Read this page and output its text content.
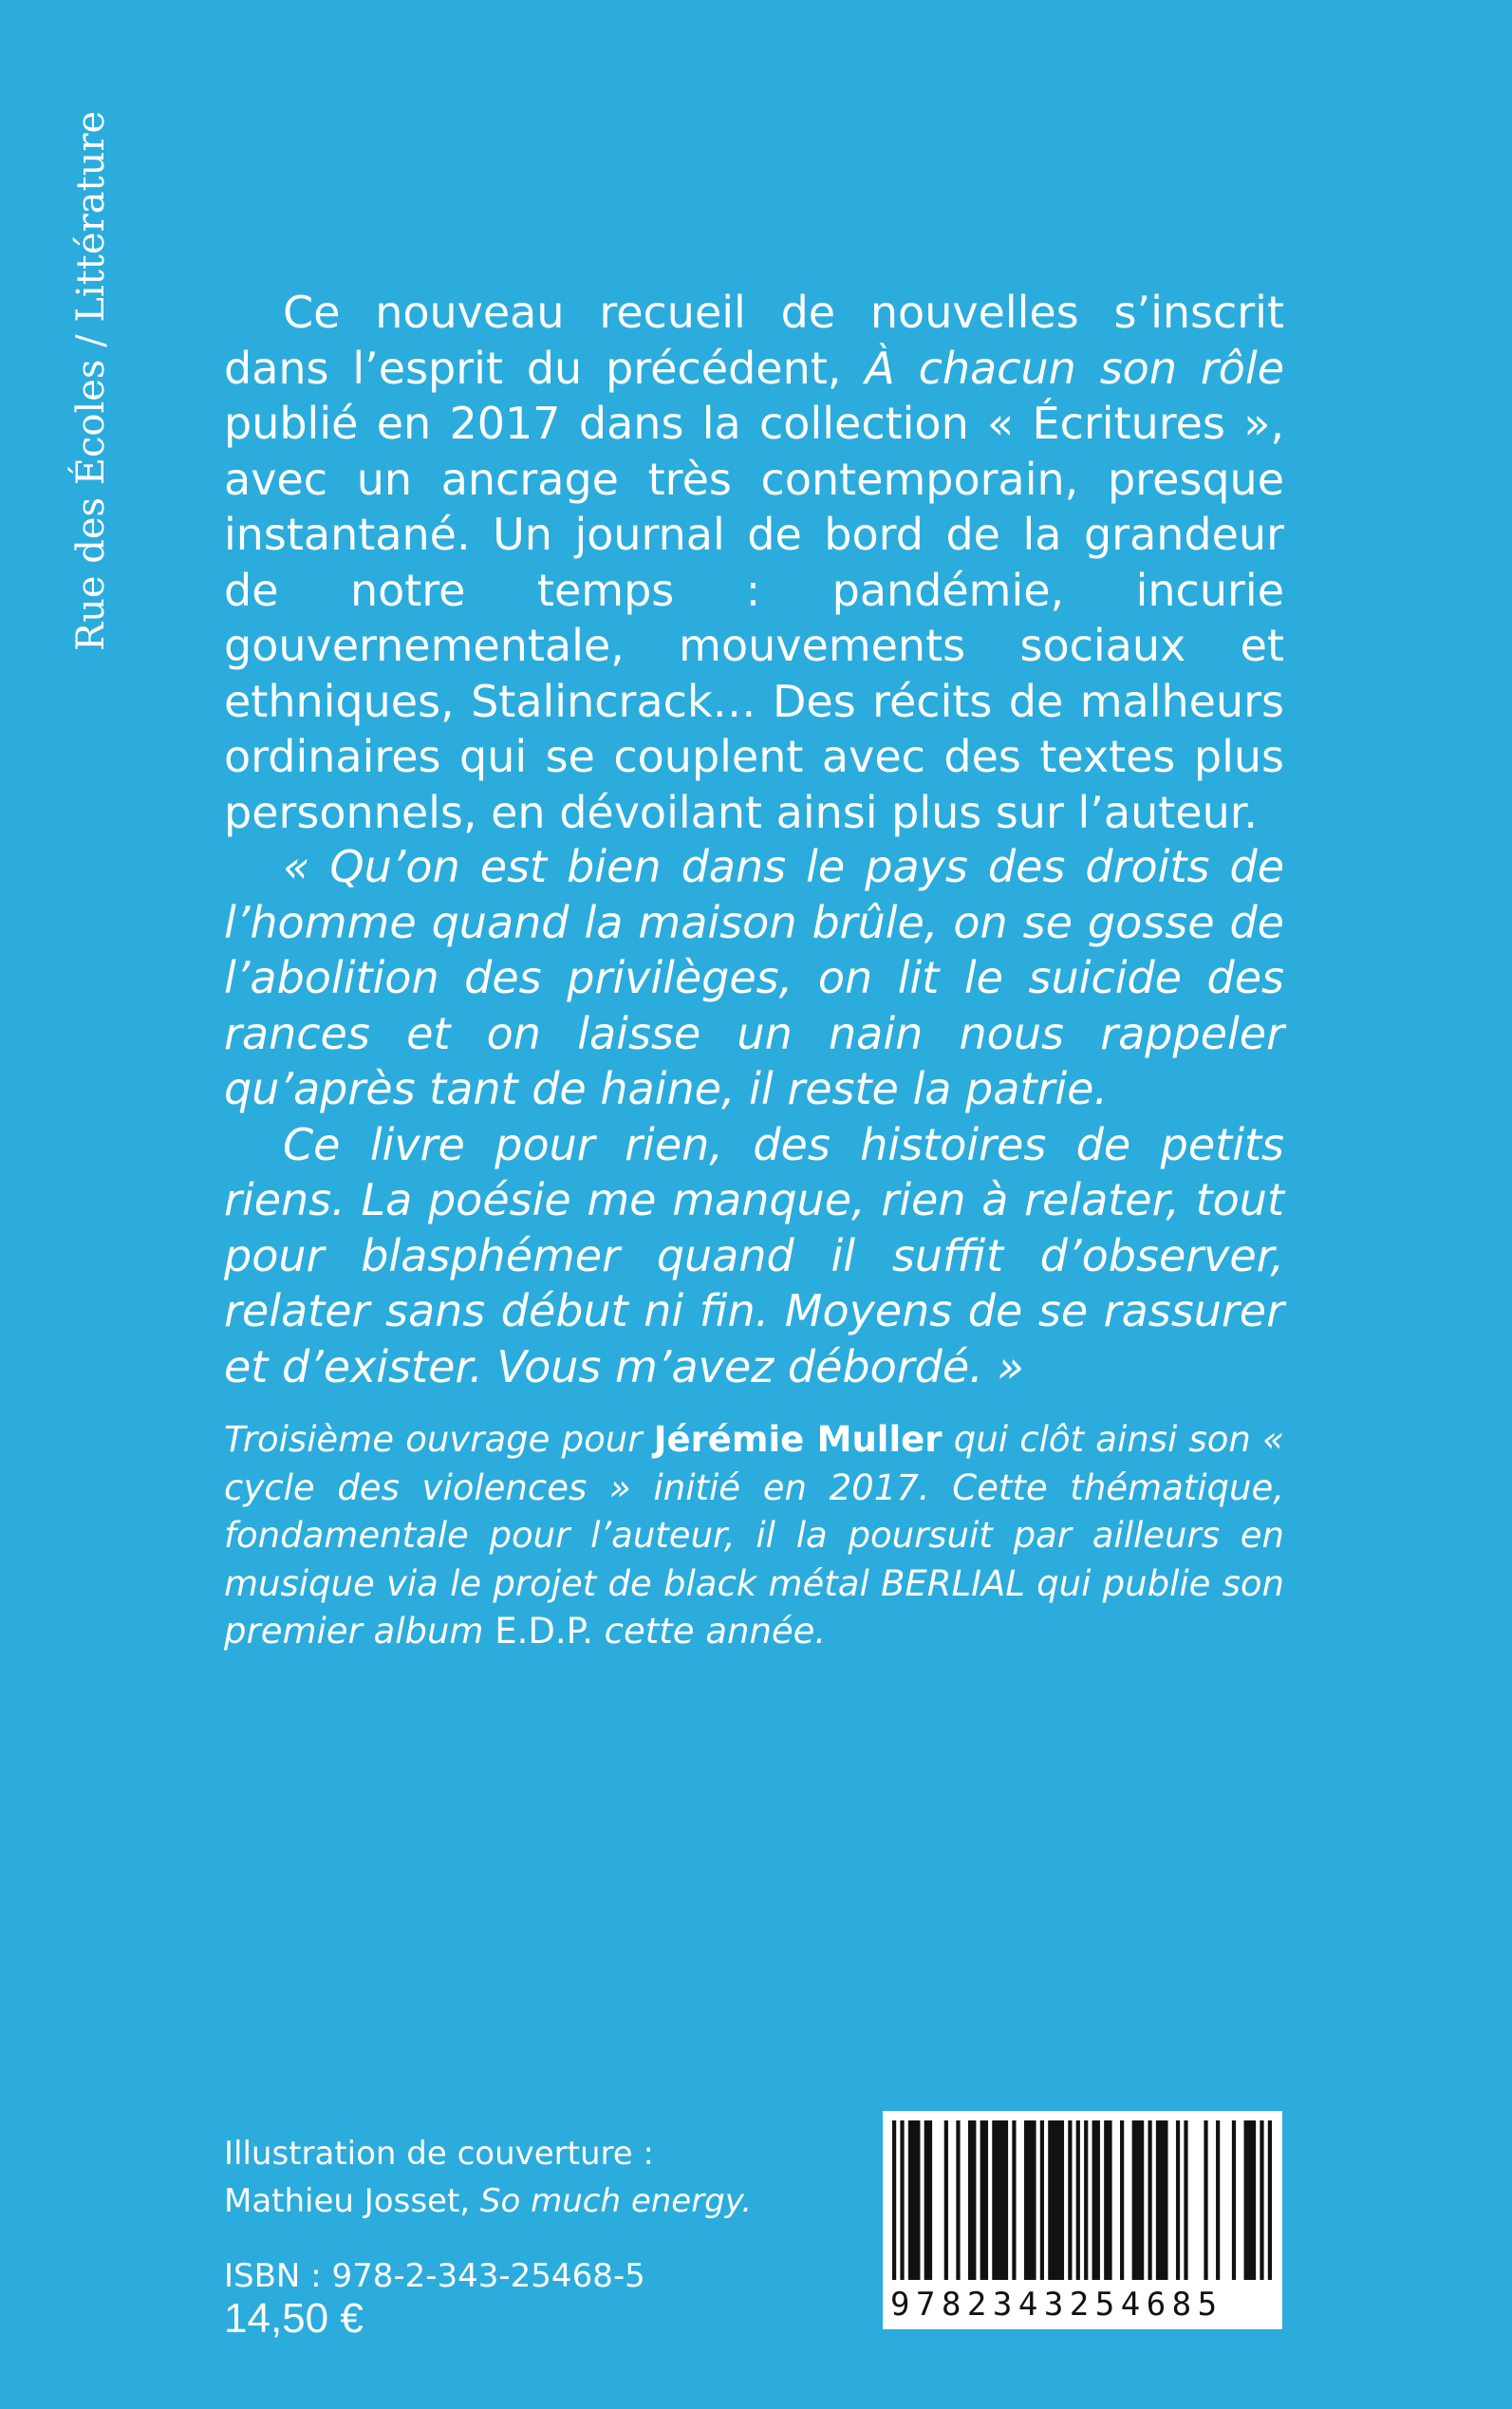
Rue des Écoles / Littérature	Ce nouveau recueil de nouvelles s’inscrit dans l’esprit du précédent, À chacun son rôle publié en 2017 dans la collection « Écritures », avec un ancrage très contemporain, presque instantané. Un journal de bord de la grandeur de notre temps : pandémie, incurie gouvernementale, mouvements sociaux et ethniques, Stalincrack… Des récits de malheurs ordinaires qui se couplent avec des textes plus personnels, en dévoilant ainsi plus sur l’auteur.

« Qu’on est bien dans le pays des droits de l’homme quand la maison brûle, on se gosse de l’abolition des privilèges, on lit le suicide des rances et on laisse un nain nous rappeler qu’après tant de haine, il reste la patrie.

Ce livre pour rien, des histoires de petits riens. La poésie me manque, rien à relater, tout pour blasphémer quand il suffit d’observer, relater sans début ni fin. Moyens de se rassurer et d’exister. Vous m’avez débordé. »

Troisième ouvrage pour Jérémie Muller qui clôt ainsi son « cycle des violences » initié en 2017. Cette thématique, fondamentale pour l’auteur, il la poursuit par ailleurs en musique via le projet de black métal BERLIAL qui publie son premier album E.D.P. cette année.

Illustration de couverture :

Mathieu Josset, So much energy.

ISBN : 978-2-343-25468-5
14,50 €	9782343254685
